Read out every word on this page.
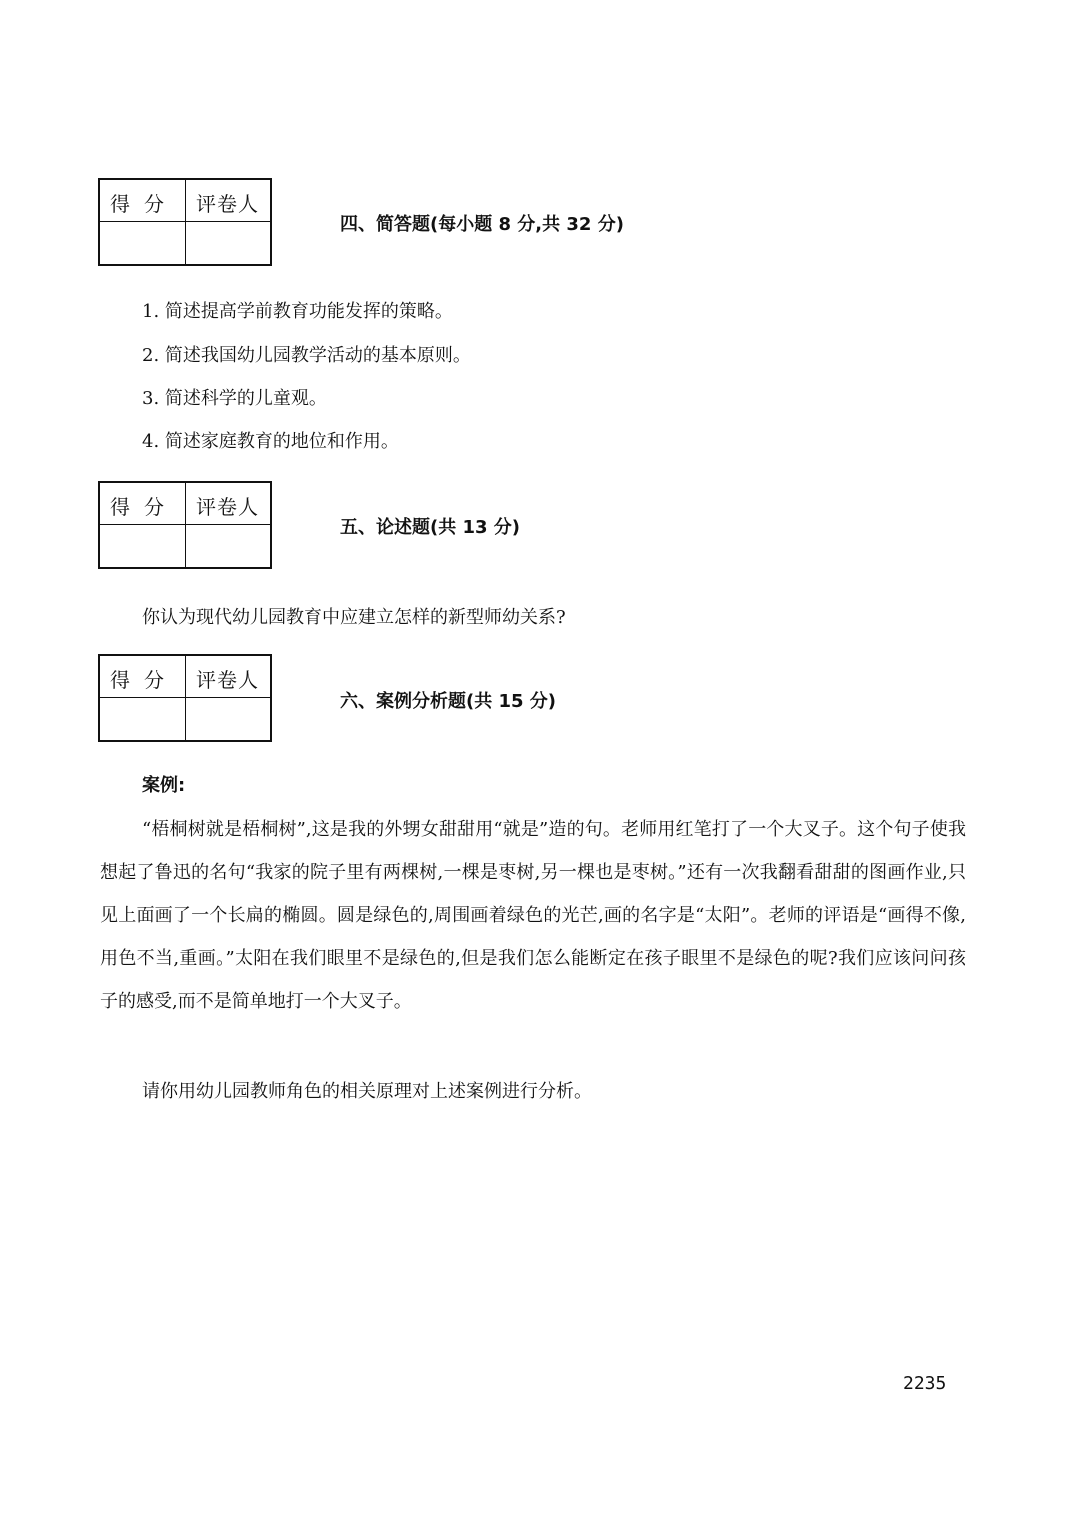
得分 评卷人
四、简答题(每小题 8 分,共 32 分)
1. 简述提高学前教育功能发挥的策略。
2. 简述我国幼儿园教学活动的基本原则。
3. 简述科学的儿童观。
4. 简述家庭教育的地位和作用。
得分 评卷人
五、论述题(共 13 分)
你认为现代幼儿园教育中应建立怎样的新型师幼关系?
得分 评卷人
六、案例分析题(共 15 分)
案例:
“梧桐树就是梧桐树”,这是我的外甥女甜甜用“就是”造的句。老师用红笔打了一个大叉子。这个句子使我想起了鲁迅的名句“我家的院子里有两棵树,一棵是枣树,另一棵也是枣树。”还有一次我翻看甜甜的图画作业,只见上面画了一个长扁的椭圆。圆是绿色的,周围画着绿色的光芒,画的名字是“太阳”。老师的评语是“画得不像,用色不当,重画。”太阳在我们眼里不是绿色的,但是我们怎么能断定在孩子眼里不是绿色的呢?我们应该问问孩子的感受,而不是简单地打一个大叉子。
请你用幼儿园教师角色的相关原理对上述案例进行分析。
2235
